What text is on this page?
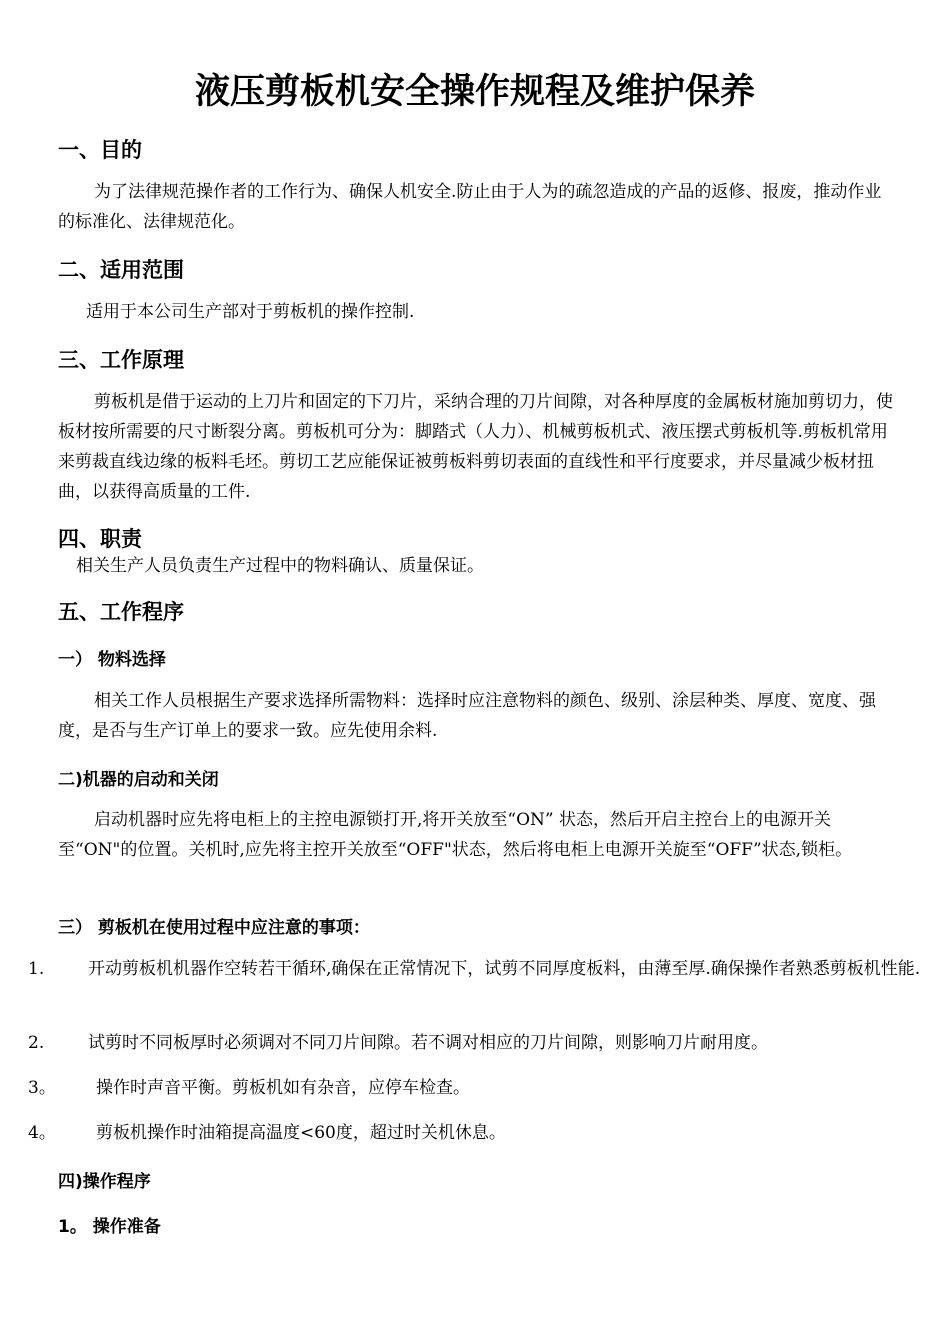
液压剪板机安全操作规程及维护保养
一、目的
为了法律规范操作者的工作行为、确保人机安全.防止由于人为的疏忽造成的产品的返修、报废，推动作业的标准化、法律规范化。
二、适用范围
适用于本公司生产部对于剪板机的操作控制.
三、工作原理
剪板机是借于运动的上刀片和固定的下刀片，采纳合理的刀片间隙，对各种厚度的金属板材施加剪切力，使板材按所需要的尺寸断裂分离。剪板机可分为：脚踏式（人力）、机械剪板机式、液压摆式剪板机等.剪板机常用来剪裁直线边缘的板料毛坯。剪切工艺应能保证被剪板料剪切表面的直线性和平行度要求，并尽量减少板材扭曲，以获得高质量的工件.
四、职责
相关生产人员负责生产过程中的物料确认、质量保证。
五、工作程序
一） 物料选择
相关工作人员根据生产要求选择所需物料：选择时应注意物料的颜色、级别、涂层种类、厚度、宽度、强度，是否与生产订单上的要求一致。应先使用余料.
二)机器的启动和关闭
启动机器时应先将电柜上的主控电源锁打开,将开关放至“ON” 状态，然后开启主控台上的电源开关至“ON"的位置。关机时,应先将主控开关放至“OFF"状态，然后将电柜上电源开关旋至“OFF”状态,锁柜。
三） 剪板机在使用过程中应注意的事项：
1.	开动剪板机机器作空转若干循环,确保在正常情况下，试剪不同厚度板料，由薄至厚.确保操作者熟悉剪板机性能.
2.	试剪时不同板厚时必须调对不同刀片间隙。若不调对相应的刀片间隙，则影响刀片耐用度。
3。 操作时声音平衡。剪板机如有杂音，应停车检查。
4。 剪板机操作时油箱提高温度<60度，超过时关机休息。
四)操作程序
1。 操作准备
